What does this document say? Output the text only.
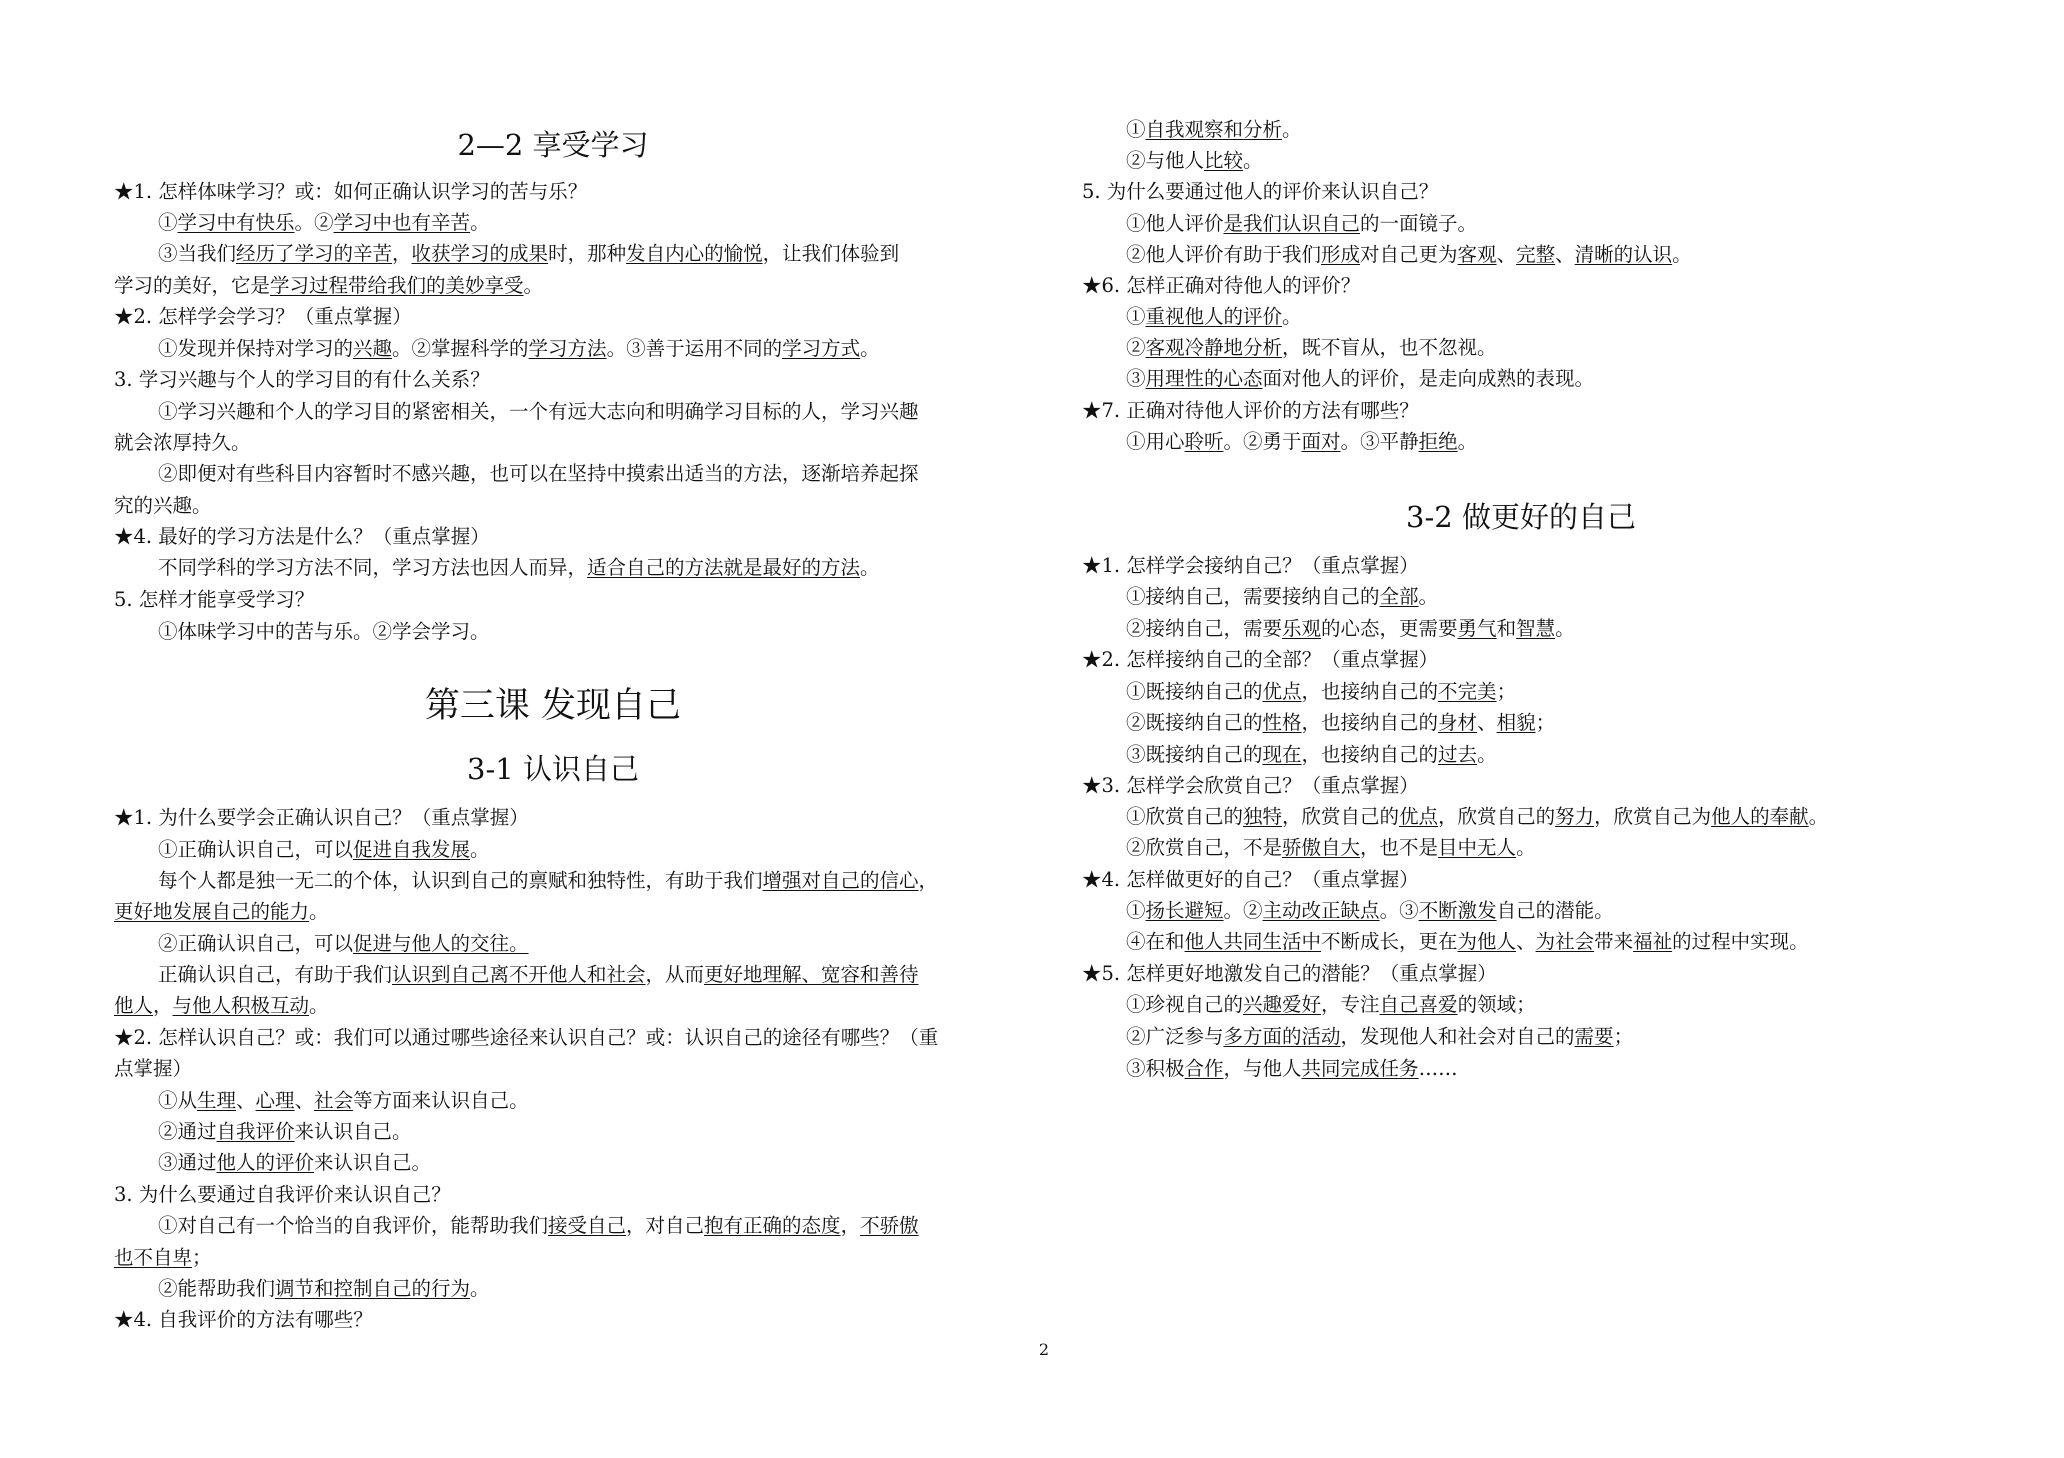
2—2 享受学习
★1. 怎样体味学习？或：如何正确认识学习的苦与乐？
①学习中有快乐。②学习中也有辛苦。
③当我们经历了学习的辛苦，收获学习的成果时，那种发自内心的愉悦，让我们体验到
学习的美好，它是学习过程带给我们的美妙享受。
★2. 怎样学会学习？（重点掌握）
①发现并保持对学习的兴趣。②掌握科学的学习方法。③善于运用不同的学习方式。
3. 学习兴趣与个人的学习目的有什么关系？
①学习兴趣和个人的学习目的紧密相关，一个有远大志向和明确学习目标的人，学习兴趣
就会浓厚持久。
②即便对有些科目内容暂时不感兴趣，也可以在坚持中摸索出适当的方法，逐渐培养起探
究的兴趣。
★4. 最好的学习方法是什么？（重点掌握）
不同学科的学习方法不同，学习方法也因人而异，适合自己的方法就是最好的方法。
5. 怎样才能享受学习？
①体味学习中的苦与乐。②学会学习。
第三课 发现自己
3-1 认识自己
★1. 为什么要学会正确认识自己？（重点掌握）
①正确认识自己，可以促进自我发展。
每个人都是独一无二的个体，认识到自己的禀赋和独特性，有助于我们增强对自己的信心，
更好地发展自己的能力。
②正确认识自己，可以促进与他人的交往。
正确认识自己，有助于我们认识到自己离不开他人和社会，从而更好地理解、宽容和善待
他人，与他人积极互动。
★2. 怎样认识自己？或：我们可以通过哪些途径来认识自己？或：认识自己的途径有哪些？（重
点掌握）
①从生理、心理、社会等方面来认识自己。
②通过自我评价来认识自己。
③通过他人的评价来认识自己。
3. 为什么要通过自我评价来认识自己？
①对自己有一个恰当的自我评价，能帮助我们接受自己，对自己抱有正确的态度，不骄傲
也不自卑；
②能帮助我们调节和控制自己的行为。
★4. 自我评价的方法有哪些？
①自我观察和分析。
②与他人比较。
5. 为什么要通过他人的评价来认识自己？
①他人评价是我们认识自己的一面镜子。
②他人评价有助于我们形成对自己更为客观、完整、清晰的认识。
★6. 怎样正确对待他人的评价？
①重视他人的评价。
②客观冷静地分析，既不盲从，也不忽视。
③用理性的心态面对他人的评价，是走向成熟的表现。
★7. 正确对待他人评价的方法有哪些？
①用心聆听。②勇于面对。③平静拒绝。
3-2 做更好的自己
★1. 怎样学会接纳自己？（重点掌握）
①接纳自己，需要接纳自己的全部。
②接纳自己，需要乐观的心态，更需要勇气和智慧。
★2. 怎样接纳自己的全部？（重点掌握）
①既接纳自己的优点，也接纳自己的不完美；
②既接纳自己的性格，也接纳自己的身材、相貌；
③既接纳自己的现在，也接纳自己的过去。
★3. 怎样学会欣赏自己？（重点掌握）
①欣赏自己的独特，欣赏自己的优点，欣赏自己的努力，欣赏自己为他人的奉献。
②欣赏自己，不是骄傲自大，也不是目中无人。
★4. 怎样做更好的自己？（重点掌握）
①扬长避短。②主动改正缺点。③不断激发自己的潜能。
④在和他人共同生活中不断成长，更在为他人、为社会带来福祉的过程中实现。
★5. 怎样更好地激发自己的潜能？（重点掌握）
①珍视自己的兴趣爱好，专注自己喜爱的领域；
②广泛参与多方面的活动，发现他人和社会对自己的需要；
③积极合作，与他人共同完成任务……
2
